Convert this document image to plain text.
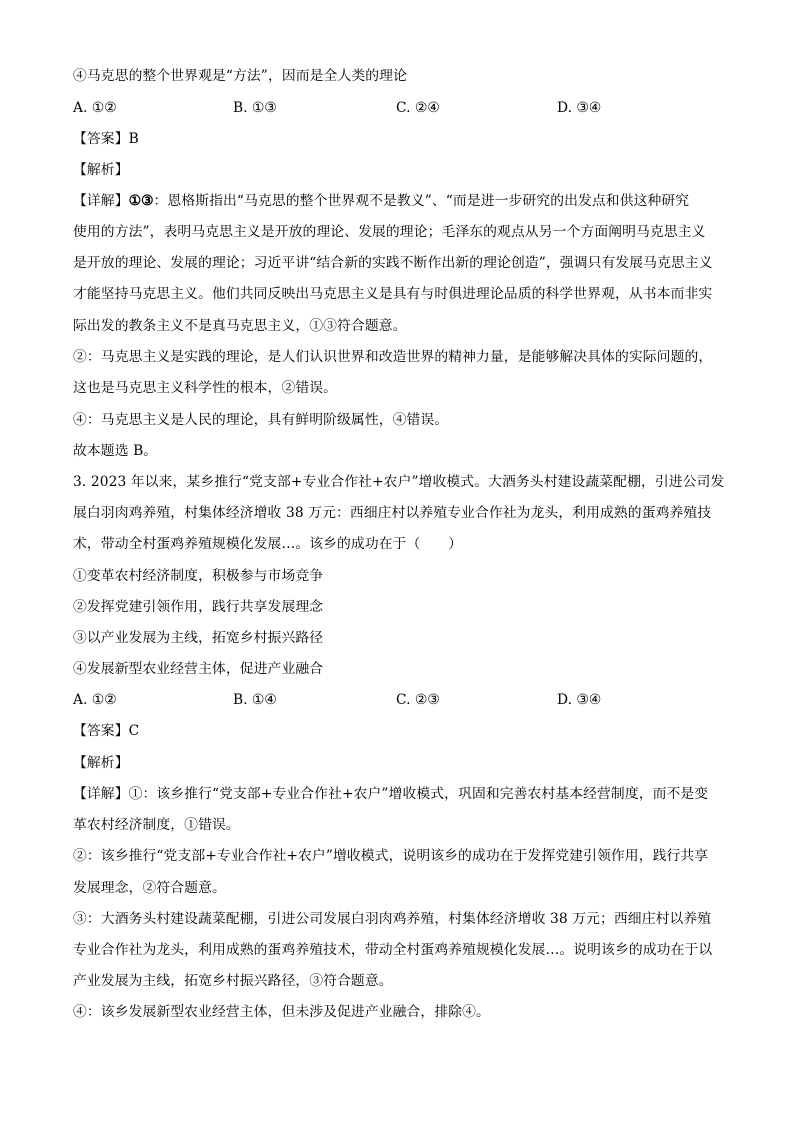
④马克思的整个世界观是“方法”，因而是全人类的理论
A. ①②	B. ①③	C. ②④	D. ③④
【答案】B
【解析】
【详解】①③：恩格斯指出“马克思的整个世界观不是教义”、“而是进一步研究的出发点和供这种研究
使用的方法”，表明马克思主义是开放的理论、发展的理论；毛泽东的观点从另一个方面阐明马克思主义
是开放的理论、发展的理论；习近平讲“结合新的实践不断作出新的理论创造”，强调只有发展马克思主义
才能坚持马克思主义。他们共同反映出马克思主义是具有与时俱进理论品质的科学世界观，从书本而非实
际出发的教条主义不是真马克思主义，①③符合题意。
②：马克思主义是实践的理论，是人们认识世界和改造世界的精神力量，是能够解决具体的实际问题的，
这也是马克思主义科学性的根本，②错误。
④：马克思主义是人民的理论，具有鲜明阶级属性，④错误。
故本题选 B。
3. 2023 年以来，某乡推行“党支部+专业合作社+农户”增收模式。大酒务头村建设蔬菜配棚，引进公司发
展白羽肉鸡养殖，村集体经济增收 38 万元：西细庄村以养殖专业合作社为龙头，利用成熟的蛋鸡养殖技
术，带动全村蛋鸡养殖规模化发展…。该乡的成功在于（　　）
①变革农村经济制度，积极参与市场竞争
②发挥党建引领作用，践行共享发展理念
③以产业发展为主线，拓宽乡村振兴路径
④发展新型农业经营主体，促进产业融合
A. ①②	B. ①④	C. ②③	D. ③④
【答案】C
【解析】
【详解】①：该乡推行“党支部+专业合作社+农户”增收模式，巩固和完善农村基本经营制度，而不是变
革农村经济制度，①错误。
②：该乡推行“党支部+专业合作社+农户”增收模式，说明该乡的成功在于发挥党建引领作用，践行共享
发展理念，②符合题意。
③：大酒务头村建设蔬菜配棚，引进公司发展白羽肉鸡养殖，村集体经济增收 38 万元；西细庄村以养殖
专业合作社为龙头，利用成熟的蛋鸡养殖技术，带动全村蛋鸡养殖规模化发展…。说明该乡的成功在于以
产业发展为主线，拓宽乡村振兴路径，③符合题意。
④：该乡发展新型农业经营主体，但未涉及促进产业融合，排除④。
